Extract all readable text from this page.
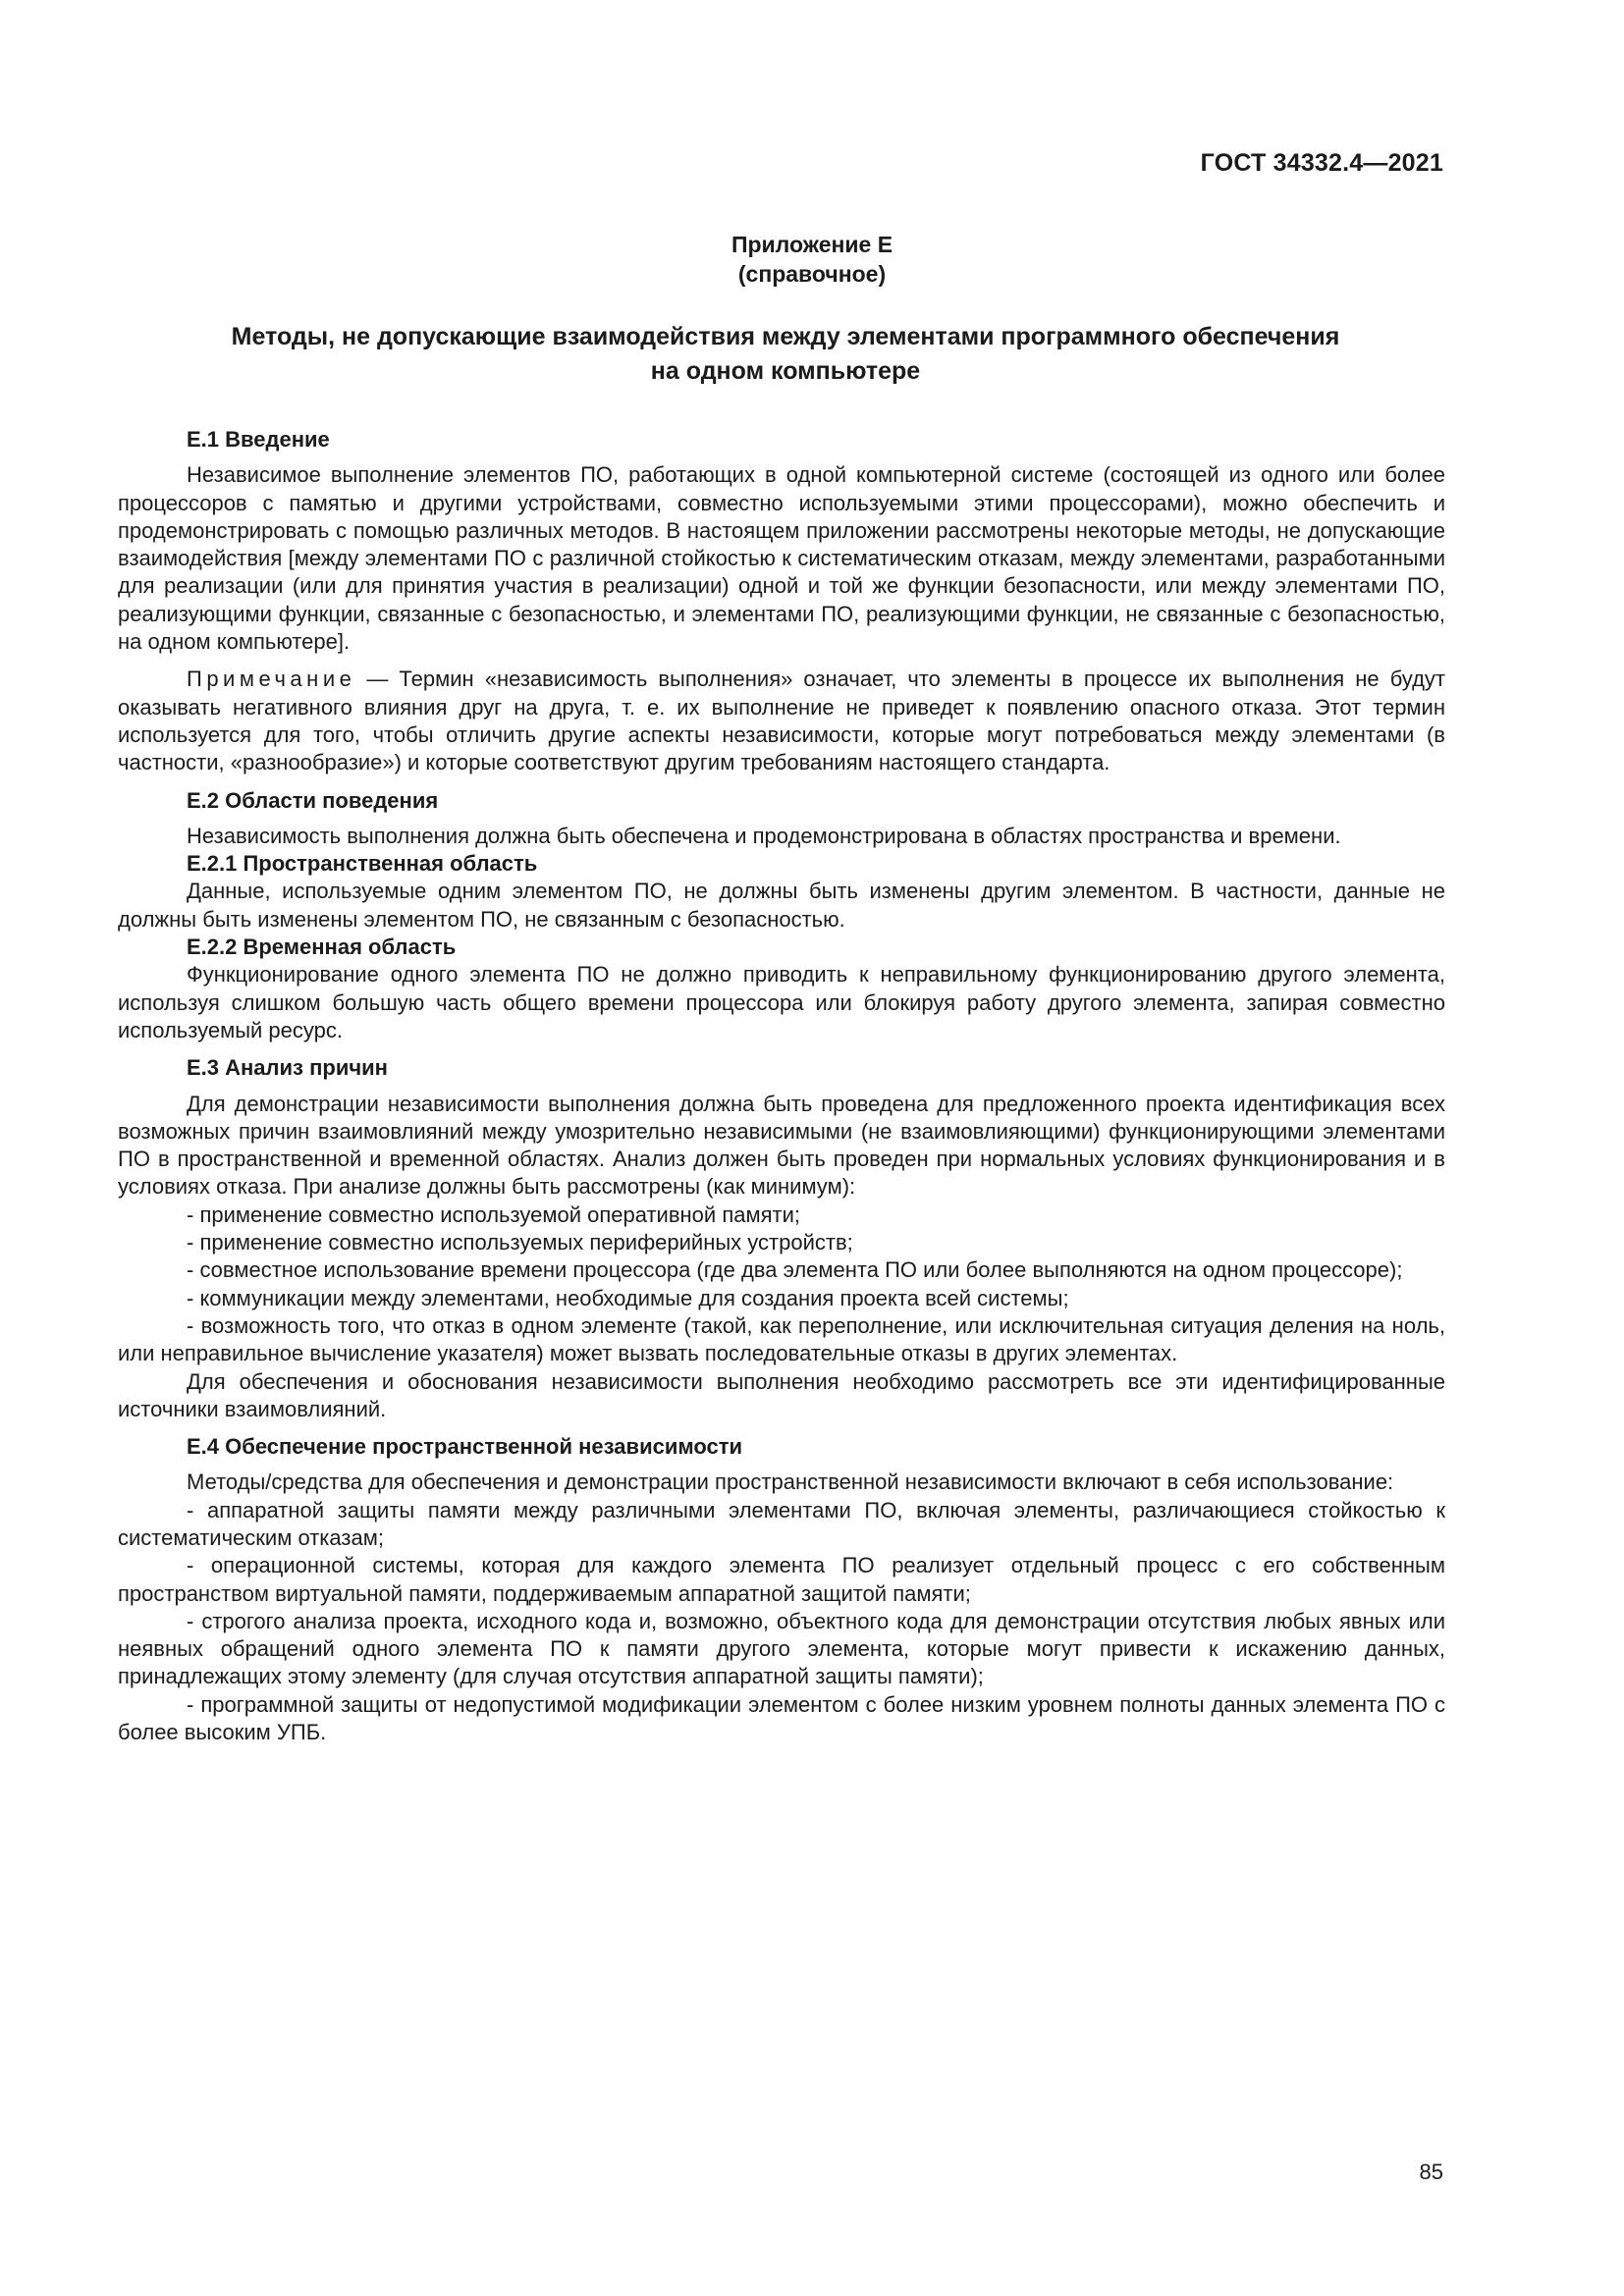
ГОСТ 34332.4—2021
Приложение Е
(справочное)
Методы, не допускающие взаимодействия между элементами программного обеспечения
на одном компьютере
Е.1 Введение

Независимое выполнение элементов ПО, работающих в одной компьютерной системе (состоящей из одного или более процессоров с памятью и другими устройствами, совместно используемыми этими процессорами), можно обеспечить и продемонстрировать с помощью различных методов. В настоящем приложении рассмотрены некоторые методы, не допускающие взаимодействия [между элементами ПО с различной стойкостью к систематическим отказам, между элементами, разработанными для реализации (или для принятия участия в реализации) одной и той же функции безопасности, или между элементами ПО, реализующими функции, связанные с безопасностью, и элементами ПО, реализующими функции, не связанные с безопасностью, на одном компьютере].

Примечание — Термин «независимость выполнения» означает, что элементы в процессе их выполнения не будут оказывать негативного влияния друг на друга, т. е. их выполнение не приведет к появлению опасного отказа. Этот термин используется для того, чтобы отличить другие аспекты независимости, которые могут потребоваться между элементами (в частности, «разнообразие») и которые соответствуют другим требованиям настоящего стандарта.

Е.2 Области поведения

Независимость выполнения должна быть обеспечена и продемонстрирована в областях пространства и времени.

Е.2.1 Пространственная область

Данные, используемые одним элементом ПО, не должны быть изменены другим элементом. В частности, данные не должны быть изменены элементом ПО, не связанным с безопасностью.

Е.2.2 Временная область

Функционирование одного элемента ПО не должно приводить к неправильному функционированию другого элемента, используя слишком большую часть общего времени процессора или блокируя работу другого элемента, запирая совместно используемый ресурс.

Е.3 Анализ причин

Для демонстрации независимости выполнения должна быть проведена для предложенного проекта идентификация всех возможных причин взаимовлияний между умозрительно независимыми (не взаимовлияющими) функционирующими элементами ПО в пространственной и временной областях. Анализ должен быть проведен при нормальных условиях функционирования и в условиях отказа. При анализе должны быть рассмотрены (как минимум):

- применение совместно используемой оперативной памяти;

- применение совместно используемых периферийных устройств;

- совместное использование времени процессора (где два элемента ПО или более выполняются на одном процессоре);

- коммуникации между элементами, необходимые для создания проекта всей системы;

- возможность того, что отказ в одном элементе (такой, как переполнение, или исключительная ситуация деления на ноль, или неправильное вычисление указателя) может вызвать последовательные отказы в других элементах.

Для обеспечения и обоснования независимости выполнения необходимо рассмотреть все эти идентифицированные источники взаимовлияний.

Е.4 Обеспечение пространственной независимости

Методы/средства для обеспечения и демонстрации пространственной независимости включают в себя использование:

- аппаратной защиты памяти между различными элементами ПО, включая элементы, различающиеся стойкостью к систематическим отказам;

- операционной системы, которая для каждого элемента ПО реализует отдельный процесс с его собственным пространством виртуальной памяти, поддерживаемым аппаратной защитой памяти;

- строгого анализа проекта, исходного кода и, возможно, объектного кода для демонстрации отсутствия любых явных или неявных обращений одного элемента ПО к памяти другого элемента, которые могут привести к искажению данных, принадлежащих этому элементу (для случая отсутствия аппаратной защиты памяти);

- программной защиты от недопустимой модификации элементом с более низким уровнем полноты данных элемента ПО с более высоким УПБ.

85
